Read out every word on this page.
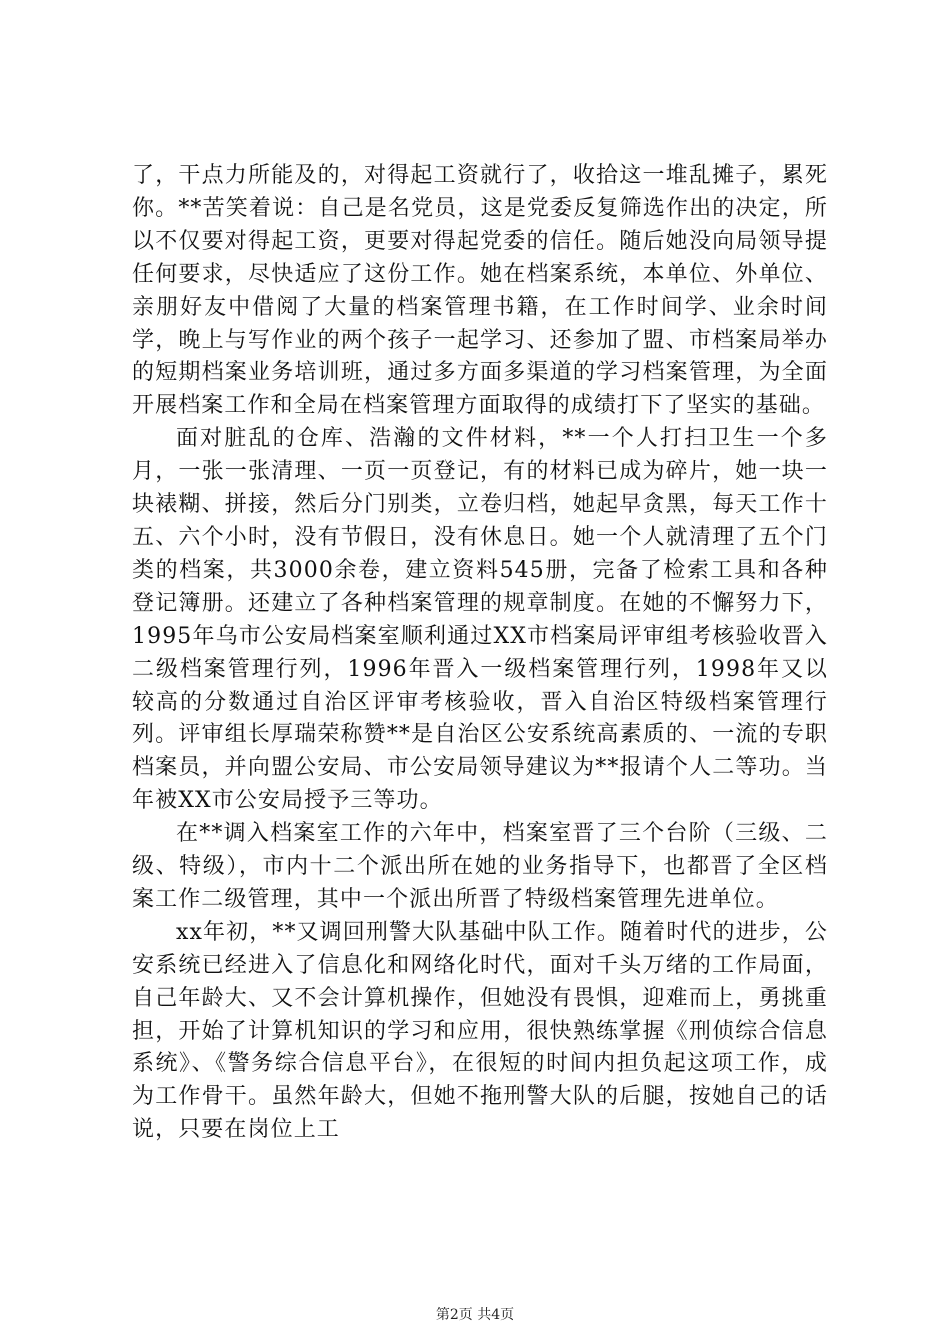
了，干点力所能及的，对得起工资就行了，收拾这一堆乱摊子，累死你。**苦笑着说：自己是名党员，这是党委反复筛选作出的决定，所以不仅要对得起工资，更要对得起党委的信任。随后她没向局领导提任何要求，尽快适应了这份工作。她在档案系统，本单位、外单位、亲朋好友中借阅了大量的档案管理书籍，在工作时间学、业余时间学，晚上与写作业的两个孩子一起学习、还参加了盟、市档案局举办的短期档案业务培训班，通过多方面多渠道的学习档案管理，为全面开展档案工作和全局在档案管理方面取得的成绩打下了坚实的基础。

面对脏乱的仓库、浩瀚的文件材料，**一个人打扫卫生一个多月，一张一张清理、一页一页登记，有的材料已成为碎片，她一块一块裱糊、拼接，然后分门别类，立卷归档，她起早贪黑，每天工作十五、六个小时，没有节假日，没有休息日。她一个人就清理了五个门类的档案，共3000余卷，建立资料545册，完备了检索工具和各种登记簿册。还建立了各种档案管理的规章制度。在她的不懈努力下，1995年乌市公安局档案室顺利通过XX市档案局评审组考核验收晋入二级档案管理行列，1996年晋入一级档案管理行列，1998年又以较高的分数通过自治区评审考核验收，晋入自治区特级档案管理行列。评审组长厚瑞荣称赞**是自治区公安系统高素质的、一流的专职档案员，并向盟公安局、市公安局领导建议为**报请个人二等功。当年被XX市公安局授予三等功。

在**调入档案室工作的六年中，档案室晋了三个台阶（三级、二级、特级），市内十二个派出所在她的业务指导下，也都晋了全区档案工作二级管理，其中一个派出所晋了特级档案管理先进单位。

xx年初，**又调回刑警大队基础中队工作。随着时代的进步，公安系统已经进入了信息化和网络化时代，面对千头万绪的工作局面，自己年龄大、又不会计算机操作，但她没有畏惧，迎难而上，勇挑重担，开始了计算机知识的学习和应用，很快熟练掌握《刑侦综合信息系统》、《警务综合信息平台》，在很短的时间内担负起这项工作，成为工作骨干。虽然年龄大，但她不拖刑警大队的后腿，按她自己的话说，只要在岗位上工

第2页 共4页
